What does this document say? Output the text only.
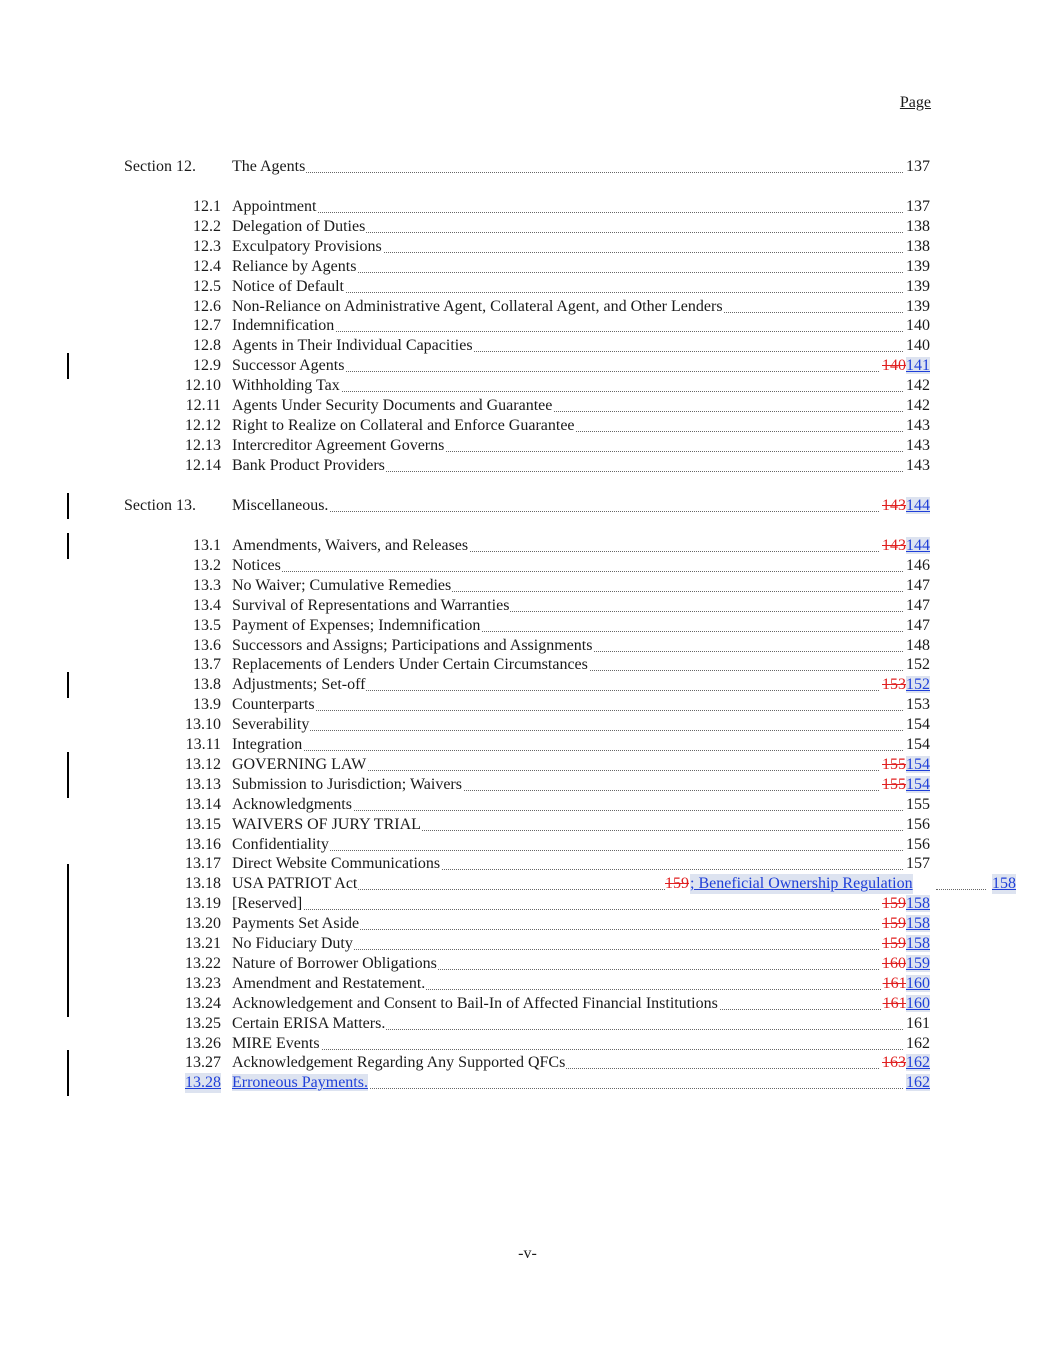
Page
Section 12. The Agents	137
12.1 Appointment	137
12.2 Delegation of Duties	138
12.3 Exculpatory Provisions	138
12.4 Reliance by Agents	139
12.5 Notice of Default	139
12.6 Non-Reliance on Administrative Agent, Collateral Agent, and Other Lenders	139
12.7 Indemnification	140
12.8 Agents in Their Individual Capacities	140
12.9 Successor Agents	140141
12.10 Withholding Tax	142
12.11 Agents Under Security Documents and Guarantee	142
12.12 Right to Realize on Collateral and Enforce Guarantee	143
12.13 Intercreditor Agreement Governs	143
12.14 Bank Product Providers	143
Section 13. Miscellaneous.	143144
13.1 Amendments, Waivers, and Releases	143144
13.2 Notices	146
13.3 No Waiver; Cumulative Remedies	147
13.4 Survival of Representations and Warranties	147
13.5 Payment of Expenses; Indemnification	147
13.6 Successors and Assigns; Participations and Assignments	148
13.7 Replacements of Lenders Under Certain Circumstances	152
13.8 Adjustments; Set-off	153152
13.9 Counterparts	153
13.10 Severability	154
13.11 Integration	154
13.12 GOVERNING LAW	155154
13.13 Submission to Jurisdiction; Waivers	155154
13.14 Acknowledgments	155
13.15 WAIVERS OF JURY TRIAL	156
13.16 Confidentiality	156
13.17 Direct Website Communications	157
13.18 USA PATRIOT Act	159 ; Beneficial Ownership Regulation	158
13.19 [Reserved]	159158
13.20 Payments Set Aside	159158
13.21 No Fiduciary Duty	159158
13.22 Nature of Borrower Obligations	160159
13.23 Amendment and Restatement.	161160
13.24 Acknowledgement and Consent to Bail-In of Affected Financial Institutions	161160
13.25 Certain ERISA Matters.	161
13.26 MIRE Events	162
13.27 Acknowledgement Regarding Any Supported QFCs	163162
13.28 Erroneous Payments.	162
-v-
